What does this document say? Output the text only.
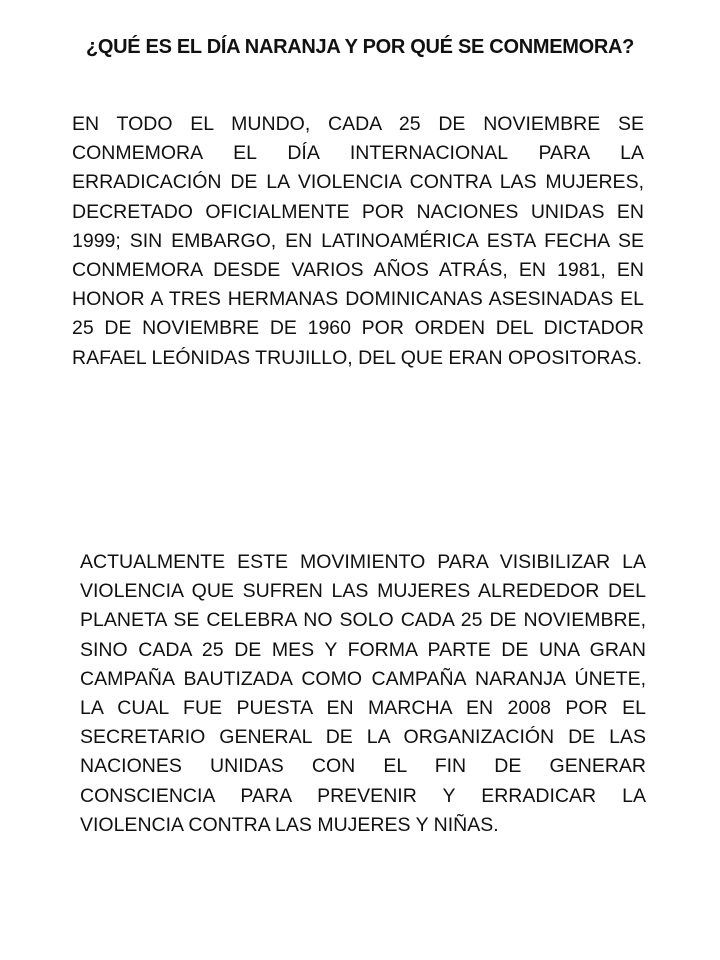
¿QUÉ ES EL DÍA NARANJA Y POR QUÉ SE CONMEMORA?

EN TODO EL MUNDO, CADA 25 DE NOVIEMBRE SE CONMEMORA EL DÍA INTERNACIONAL PARA LA ERRADICACIÓN DE LA VIOLENCIA CONTRA LAS MUJERES, DECRETADO OFICIALMENTE POR NACIONES UNIDAS EN 1999; SIN EMBARGO, EN LATINOAMÉRICA ESTA FECHA SE CONMEMORA DESDE VARIOS AÑOS ATRÁS, EN 1981, EN HONOR A TRES HERMANAS DOMINICANAS ASESINADAS EL 25 DE NOVIEMBRE DE 1960 POR ORDEN DEL DICTADOR RAFAEL LEÓNIDAS TRUJILLO, DEL QUE ERAN OPOSITORAS.

ACTUALMENTE ESTE MOVIMIENTO PARA VISIBILIZAR LA VIOLENCIA QUE SUFREN LAS MUJERES ALREDEDOR DEL PLANETA SE CELEBRA NO SOLO CADA 25 DE NOVIEMBRE, SINO CADA 25 DE MES Y FORMA PARTE DE UNA GRAN CAMPAÑA BAUTIZADA COMO CAMPAÑA NARANJA ÚNETE, LA CUAL FUE PUESTA EN MARCHA EN 2008 POR EL SECRETARIO GENERAL DE LA ORGANIZACIÓN DE LAS NACIONES UNIDAS CON EL FIN DE GENERAR CONSCIENCIA PARA PREVENIR Y ERRADICAR LA VIOLENCIA CONTRA LAS MUJERES Y NIÑAS.
